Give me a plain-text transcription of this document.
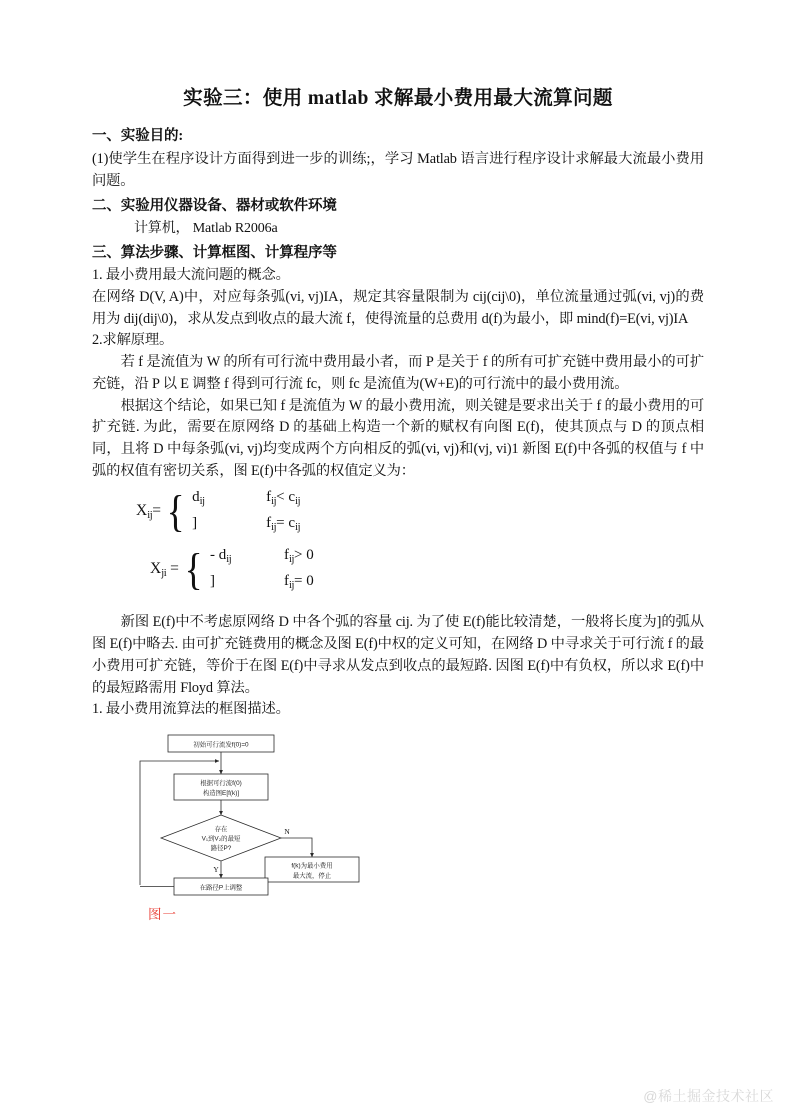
实验三：使用 matlab 求解最小费用最大流算问题
一、实验目的:

(1)使学生在程序设计方面得到进一步的训练;，学习 Matlab 语言进行程序设计求解最大流最小费用问题。

二、实验用仪器设备、器材或软件环境

计算机， Matlab R2006a

三、算法步骤、计算框图、计算程序等

1. 最小费用最大流问题的概念。

在网络 D(V, A)中，对应每条弧(vi, vj)IA，规定其容量限制为 cij(cij\0)，单位流量通过弧(vi, vj)的费用为 dij(dij\0)，求从发点到收点的最大流 f，使得流量的总费用 d(f)为最小，即 mind(f)=E(vi, vj)IA

2.求解原理。

若 f 是流值为 W 的所有可行流中费用最小者，而 P 是关于 f 的所有可扩充链中费用最小的可扩充链，沿 P 以 E 调整 f 得到可行流 fc，则 fc 是流值为(W+E)的可行流中的最小费用流。

根据这个结论，如果已知 f 是流值为 W 的最小费用流，则关键是要求出关于 f 的最小费用的可扩充链. 为此，需要在原网络 D 的基础上构造一个新的赋权有向图 E(f)，使其顶点与 D 的顶点相同，且将 D 中每条弧(vi, vj)均变成两个方向相反的弧(vi, vj)和(vj, vi)1 新图 E(f)中各弧的权值与 f 中弧的权值有密切关系，图 E(f)中各弧的权值定义为：

Xij= { dij	fij< cij
]	fij= cij
Xji = { - dij	fij> 0
]	fij= 0

新图 E(f)中不考虑原网络 D 中各个弧的容量 cij. 为了使 E(f)能比较清楚，一般将长度为]的弧从图 E(f)中略去. 由可扩充链费用的概念及图 E(f)中权的定义可知，在网络 D 中寻求关于可行流 f 的最小费用可扩充链，等价于在图 E(f)中寻求从发点到收点的最短路. 因图 E(f)中有负权，所以求 E(f)中的最短路需用 Floyd 算法。

1. 最小费用流算法的框图描述。

初始可行流发f(0)=0
根据可行流f(0)
构造图E[f(k)]
存在
V₁到V₂的最短
路径P?
N
f(k)为最小费用
最大流，停止
Y
在路径P上调整
图一
@稀土掘金技术社区
